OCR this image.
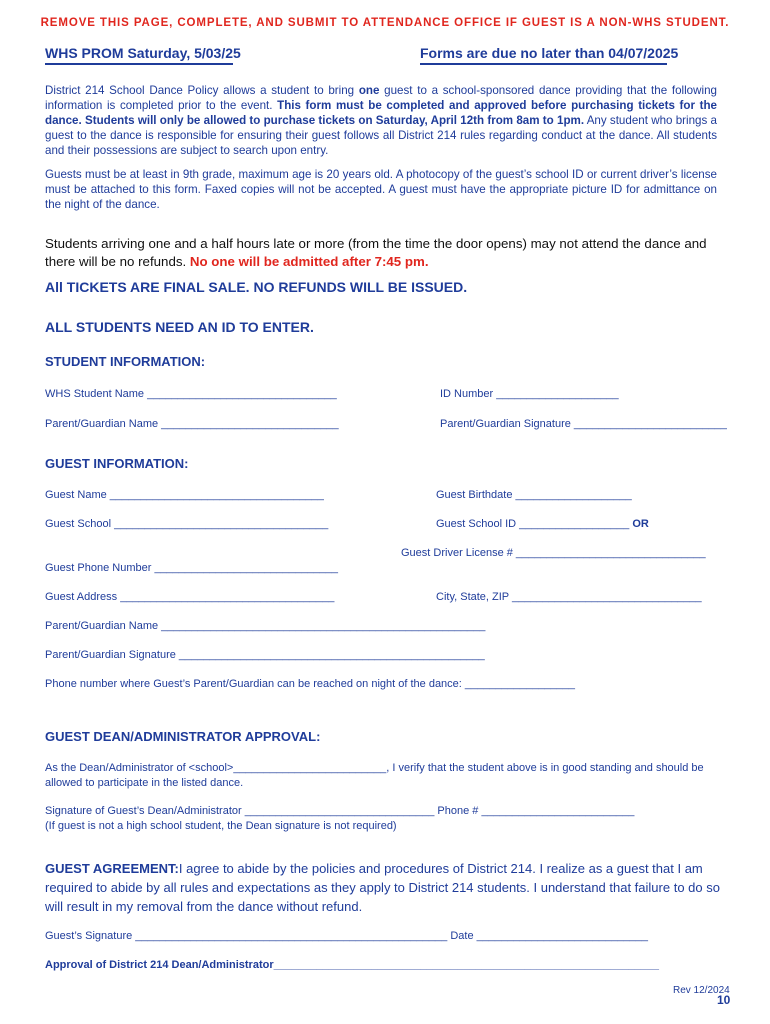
REMOVE THIS PAGE, COMPLETE, AND SUBMIT TO ATTENDANCE OFFICE IF GUEST IS A NON-WHS STUDENT.
WHS PROM Saturday, 5/03/25	Forms are due no later than 04/07/2025
District 214 School Dance Policy allows a student to bring one guest to a school-sponsored dance providing that the following information is completed prior to the event. This form must be completed and approved before purchasing tickets for the dance. Students will only be allowed to purchase tickets on Saturday, April 12th from 8am to 1pm. Any student who brings a guest to the dance is responsible for ensuring their guest follows all District 214 rules regarding conduct at the dance. All students and their possessions are subject to search upon entry.
Guests must be at least in 9th grade, maximum age is 20 years old. A photocopy of the guest’s school ID or current driver’s license must be attached to this form. Faxed copies will not be accepted. A guest must have the appropriate picture ID for admittance on the night of the dance.
Students arriving one and a half hours late or more (from the time the door opens) may not attend the dance and there will be no refunds. No one will be admitted after 7:45 pm.
All TICKETS ARE FINAL SALE. NO REFUNDS WILL BE ISSUED.
ALL STUDENTS NEED AN ID TO ENTER.
STUDENT INFORMATION:
WHS Student Name _______________________________	ID Number ____________________
Parent/Guardian Name _____________________________	Parent/Guardian Signature _________________________
GUEST INFORMATION:
Guest Name ___________________________________	Guest Birthdate ___________________
Guest School ___________________________________	Guest School ID __________________ OR
Guest Driver License # _______________________________
Guest Phone Number ______________________________
Guest Address ___________________________________	City, State, ZIP _______________________________
Parent/Guardian Name _____________________________________________________
Parent/Guardian Signature __________________________________________________
Phone number where Guest’s Parent/Guardian can be reached on night of the dance: __________________
GUEST DEAN/ADMINISTRATOR APPROVAL:
As the Dean/Administrator of <school>_________________________, I verify that the student above is in good standing and should be
allowed to participate in the listed dance.
Signature of Guest’s Dean/Administrator _______________________________ Phone # _________________________
(If guest is not a high school student, the Dean signature is not required)
GUEST AGREEMENT:I agree to abide by the policies and procedures of District 214. I realize as a guest that I am required to abide by all rules and expectations as they apply to District 214 students. I understand that failure to do so will result in my removal from the dance without refund.
Guest’s Signature ___________________________________________________ Date ____________________________
Approval of District 214 Dean/Administrator_______________________________________________________________
Rev 12/2024
10
